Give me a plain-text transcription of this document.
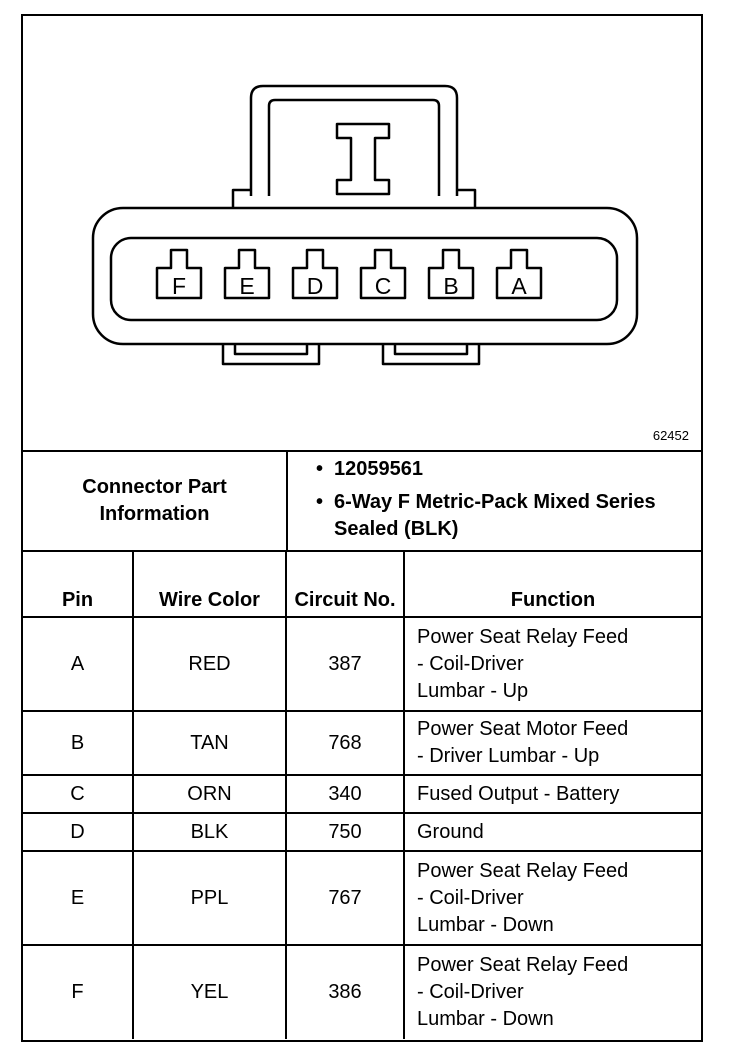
F E D C B A
62452
Connector Part
Information
• 12059561
• 6-Way F Metric-Pack Mixed Series Sealed (BLK)
Pin	Wire Color	Circuit No.	Function
A	RED	387	Power Seat Relay Feed
- Coil-Driver
Lumbar - Up

B	TAN	768	Power Seat Motor Feed
- Driver Lumbar - Up

C	ORN	340	Fused Output - Battery

D	BLK	750	Ground

E	PPL	767	Power Seat Relay Feed
- Coil-Driver
Lumbar - Down

F	YEL	386	Power Seat Relay Feed
- Coil-Driver
Lumbar - Down
